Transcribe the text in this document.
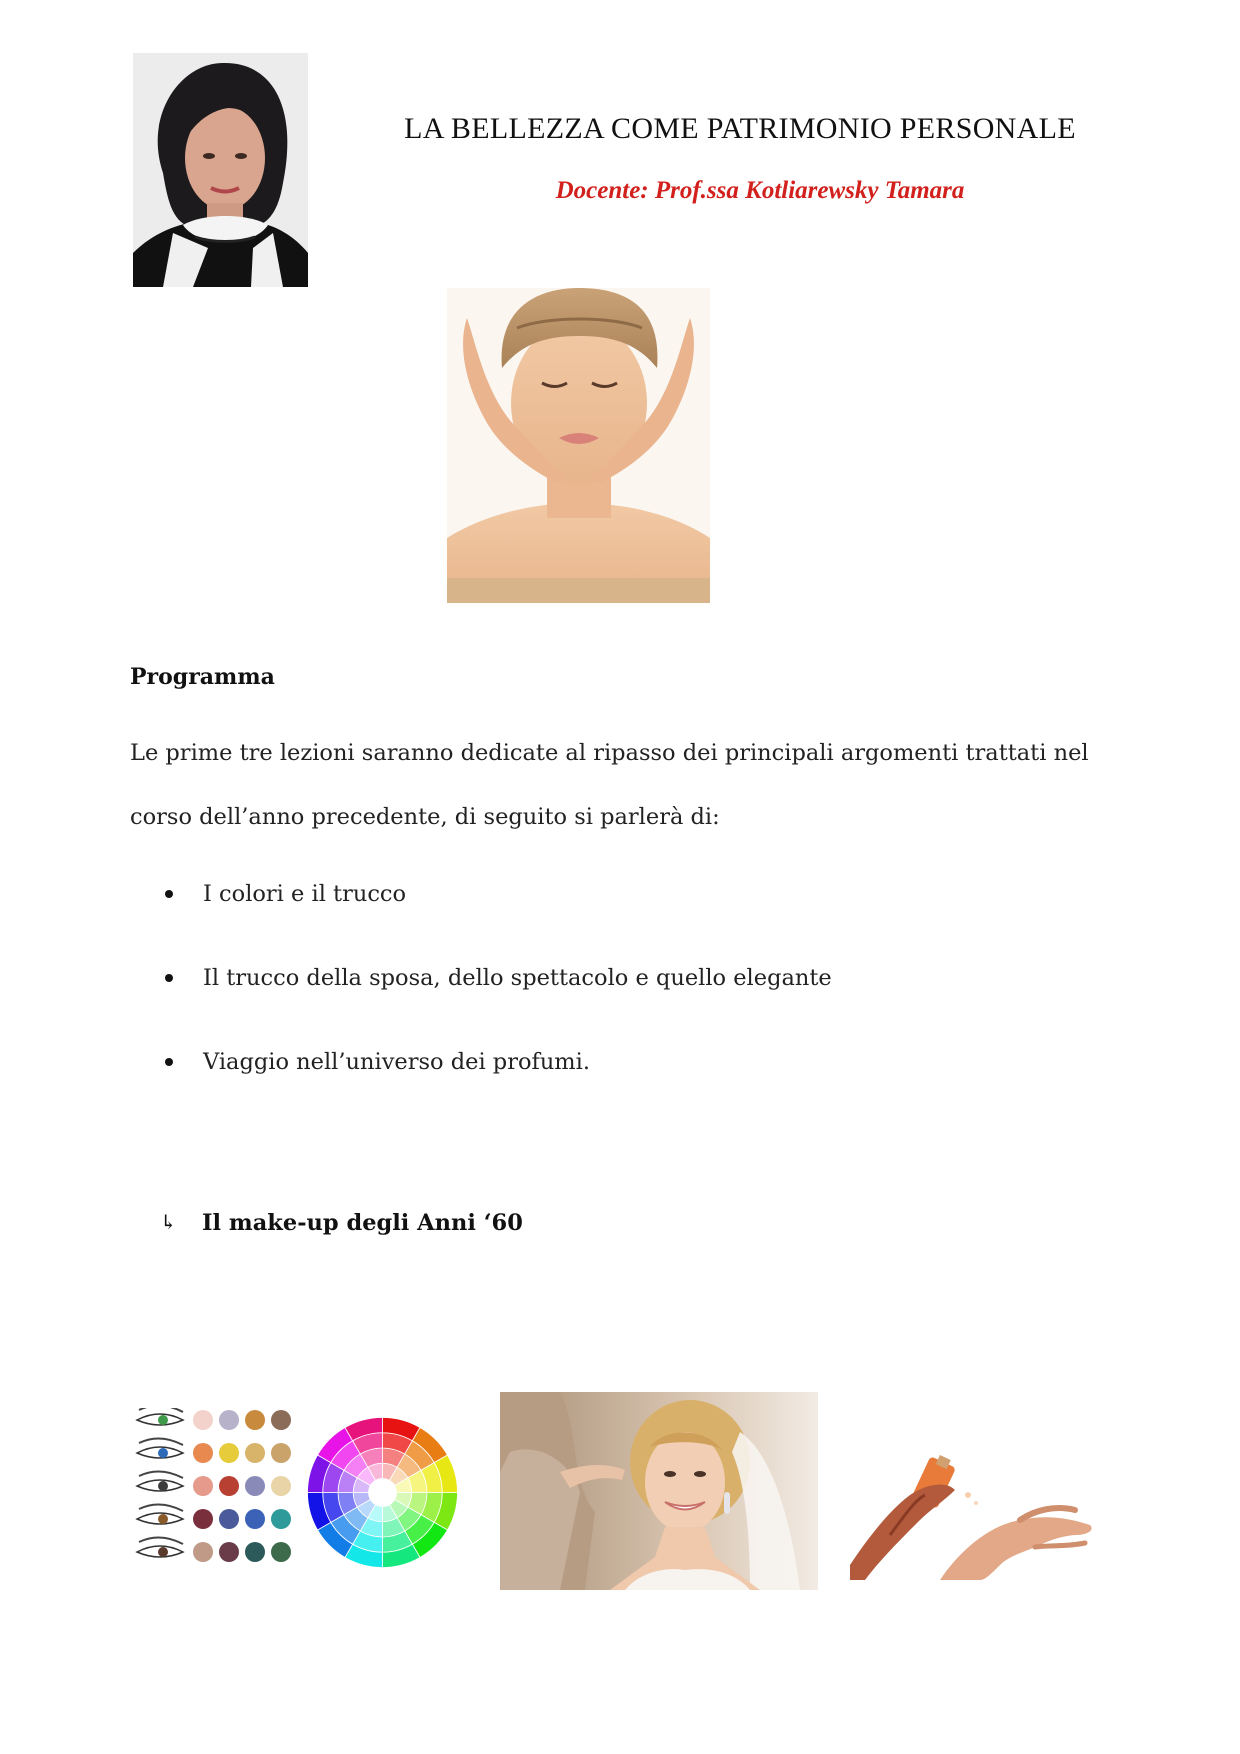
LA BELLEZZA COME PATRIMONIO PERSONALE
Docente: Prof.ssa Kotliarewsky Tamara
Programma
Le prime tre lezioni saranno dedicate al ripasso dei principali argomenti trattati nel corso dell’anno precedente, di seguito si parlerà di:
I colori e il trucco
Il trucco della sposa, dello spettacolo e quello elegante
Viaggio nell’universo dei profumi.
↳ Il make-up degli Anni ‘60
